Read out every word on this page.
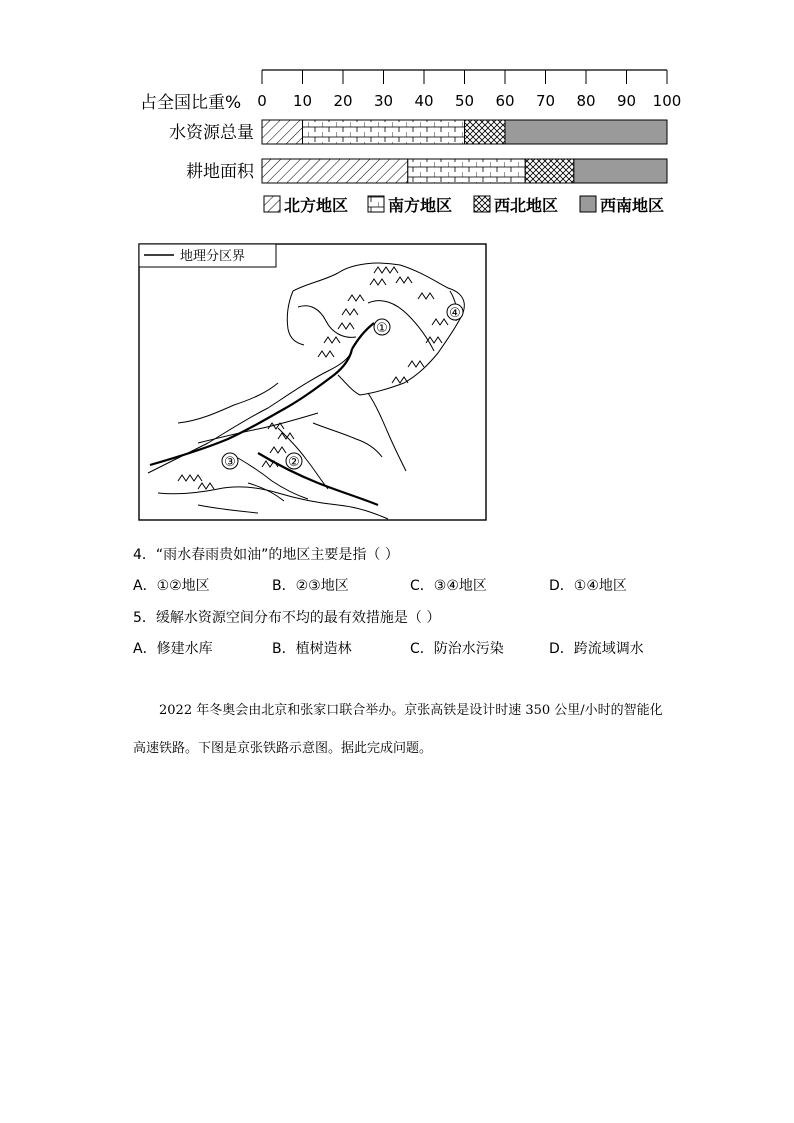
0 10 20 30 40 50 60 70 80 90 100
占全国比重%
水资源总量
耕地面积
北方地区 南方地区	西北地区	西南地区
地理分区界
①
②
③
④
4．“雨水春雨贵如油”的地区主要是指（ ）
A．①②地区	B．②③地区	C．③④地区	D．①④地区
5．缓解水资源空间分布不均的最有效措施是（ ）
A．修建水库	B．植树造林	C．防治水污染	D．跨流域调水
2022 年冬奥会由北京和张家口联合举办。京张高铁是设计时速 350 公里/小时的智能化高速铁路。下图是京张铁路示意图。据此完成问题。
